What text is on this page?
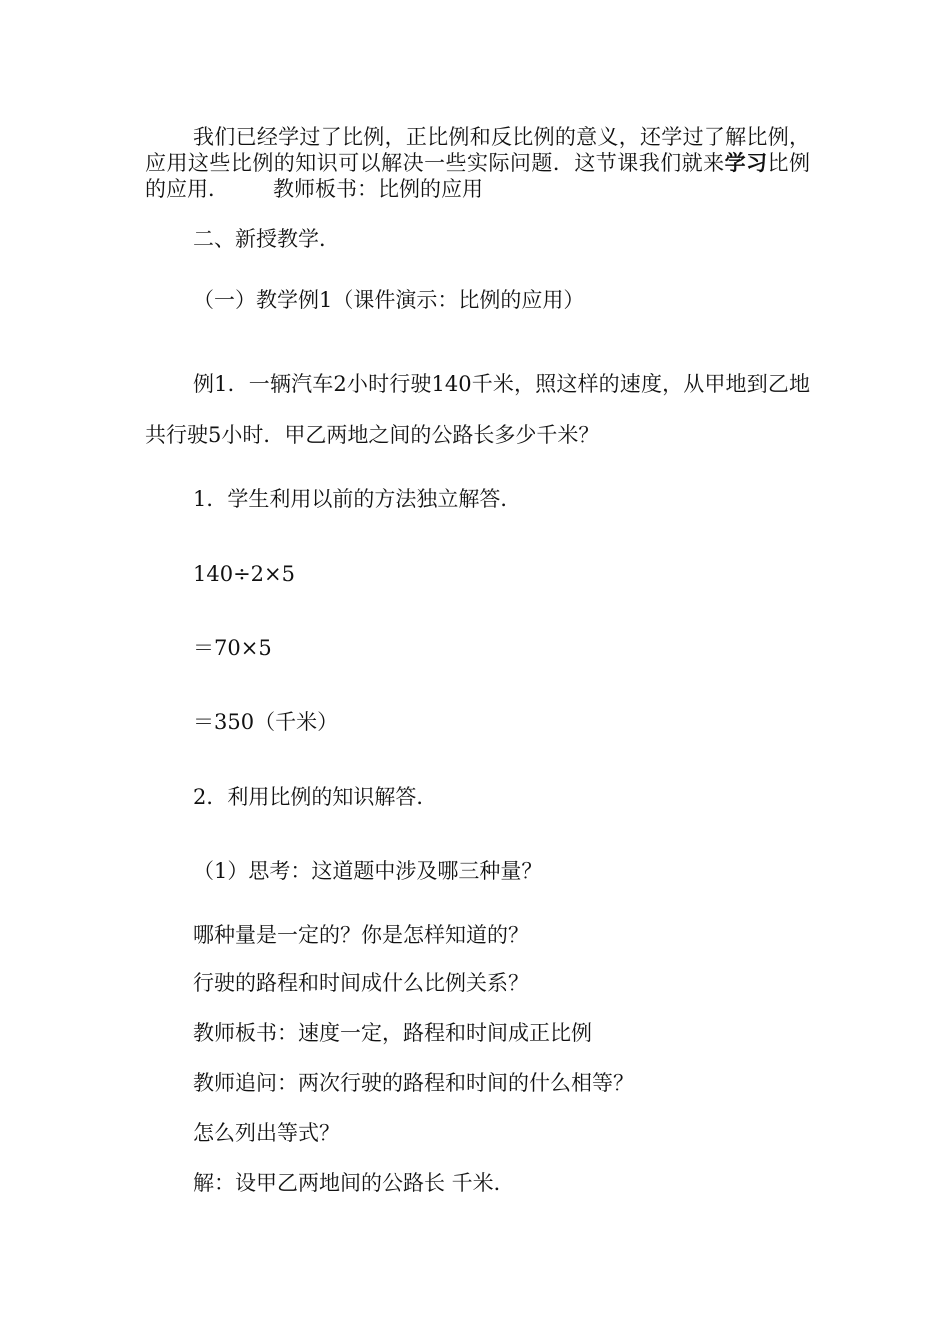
我们已经学过了比例，正比例和反比例的意义，还学过了解比例，应用这些比例的知识可以解决一些实际问题．这节课我们就来学习比例的应用． 教师板书：比例的应用
二、新授教学．
（一）教学例1（课件演示：比例的应用）
例1．一辆汽车2小时行驶140千米，照这样的速度，从甲地到乙地共行驶5小时．甲乙两地之间的公路长多少千米？
1．学生利用以前的方法独立解答．
140÷2×5
＝70×5
＝350（千米）
2．利用比例的知识解答．
（1）思考：这道题中涉及哪三种量？
哪种量是一定的？你是怎样知道的？
行驶的路程和时间成什么比例关系？
教师板书：速度一定，路程和时间成正比例
教师追问：两次行驶的路程和时间的什么相等？
怎么列出等式？
解：设甲乙两地间的公路长 千米．
